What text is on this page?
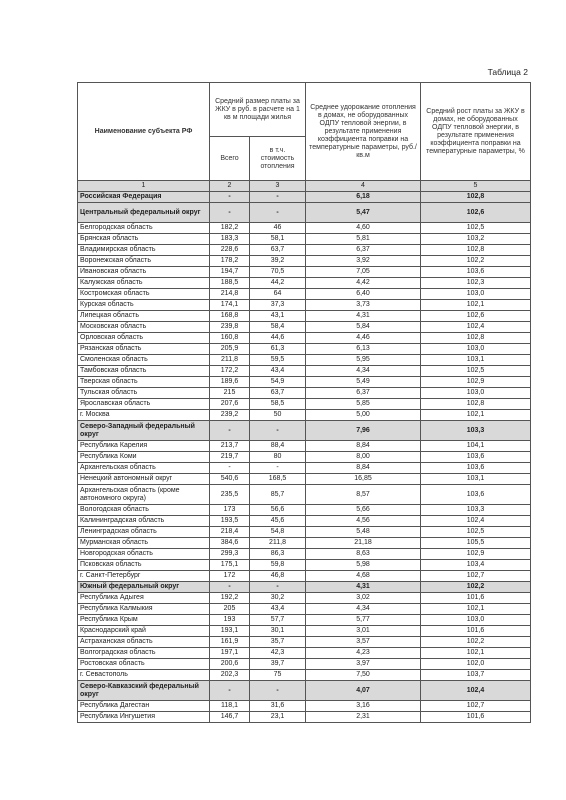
Таблица 2
Наименование субъекта РФ	Средний размер платы за ЖКУ в руб. в расчете на 1 кв м площади жилья		Среднее удорожание отопления в домах, не оборудованных ОДПУ тепловой энергии, в результате применения коэффициента поправки на температурные параметры, руб./кв.м	Средний рост платы за ЖКУ в домах, не оборудованных ОДПУ тепловой энергии, в результате применения коэффициента поправки на температурные параметры, %
	Всего	в т.ч. стоимость отопления		
1	2	3	4	5
Российская Федерация	-	-	6,18	102,8
Центральный федеральный округ	-	-	5,47	102,6
Белгородская область	182,2	46	4,60	102,5
Брянская область	183,3	58,1	5,81	103,2
Владимирская область	228,6	63,7	6,37	102,8
Воронежская область	178,2	39,2	3,92	102,2
Ивановская область	194,7	70,5	7,05	103,6
Калужская область	188,5	44,2	4,42	102,3
Костромская область	214,8	64	6,40	103,0
Курская область	174,1	37,3	3,73	102,1
Липецкая область	168,8	43,1	4,31	102,6
Московская область	239,8	58,4	5,84	102,4
Орловская область	160,8	44,6	4,46	102,8
Рязанская область	205,9	61,3	6,13	103,0
Смоленская область	211,8	59,5	5,95	103,1
Тамбовская область	172,2	43,4	4,34	102,5
Тверская область	189,6	54,9	5,49	102,9
Тульская область	215	63,7	6,37	103,0
Ярославская область	207,6	58,5	5,85	102,8
г. Москва	239,2	50	5,00	102,1
Северо-Западный федеральный округ	-	-	7,96	103,3
Республика Карелия	213,7	88,4	8,84	104,1
Республика Коми	219,7	80	8,00	103,6
Архангельская область	-	-	8,84	103,6
Ненецкий автономный округ	540,6	168,5	16,85	103,1
Архангельская область (кроме автономного округа)	235,5	85,7	8,57	103,6
Вологодская область	173	56,6	5,66	103,3
Калининградская область	193,5	45,6	4,56	102,4
Ленинградская область	218,4	54,8	5,48	102,5
Мурманская область	384,6	211,8	21,18	105,5
Новгородская область	299,3	86,3	8,63	102,9
Псковская область	175,1	59,8	5,98	103,4
г. Санкт-Петербург	172	46,8	4,68	102,7
Южный федеральный округ	-	-	4,31	102,2
Республика Адыгея	192,2	30,2	3,02	101,6
Республика Калмыкия	205	43,4	4,34	102,1
Республика Крым	193	57,7	5,77	103,0
Краснодарский край	193,1	30,1	3,01	101,6
Астраханская область	161,9	35,7	3,57	102,2
Волгоградская область	197,1	42,3	4,23	102,1
Ростовская область	200,6	39,7	3,97	102,0
г. Севастополь	202,3	75	7,50	103,7
Северо-Кавказский федеральный округ	-	-	4,07	102,4
Республика Дагестан	118,1	31,6	3,16	102,7
Республика Ингушетия	146,7	23,1	2,31	101,6
